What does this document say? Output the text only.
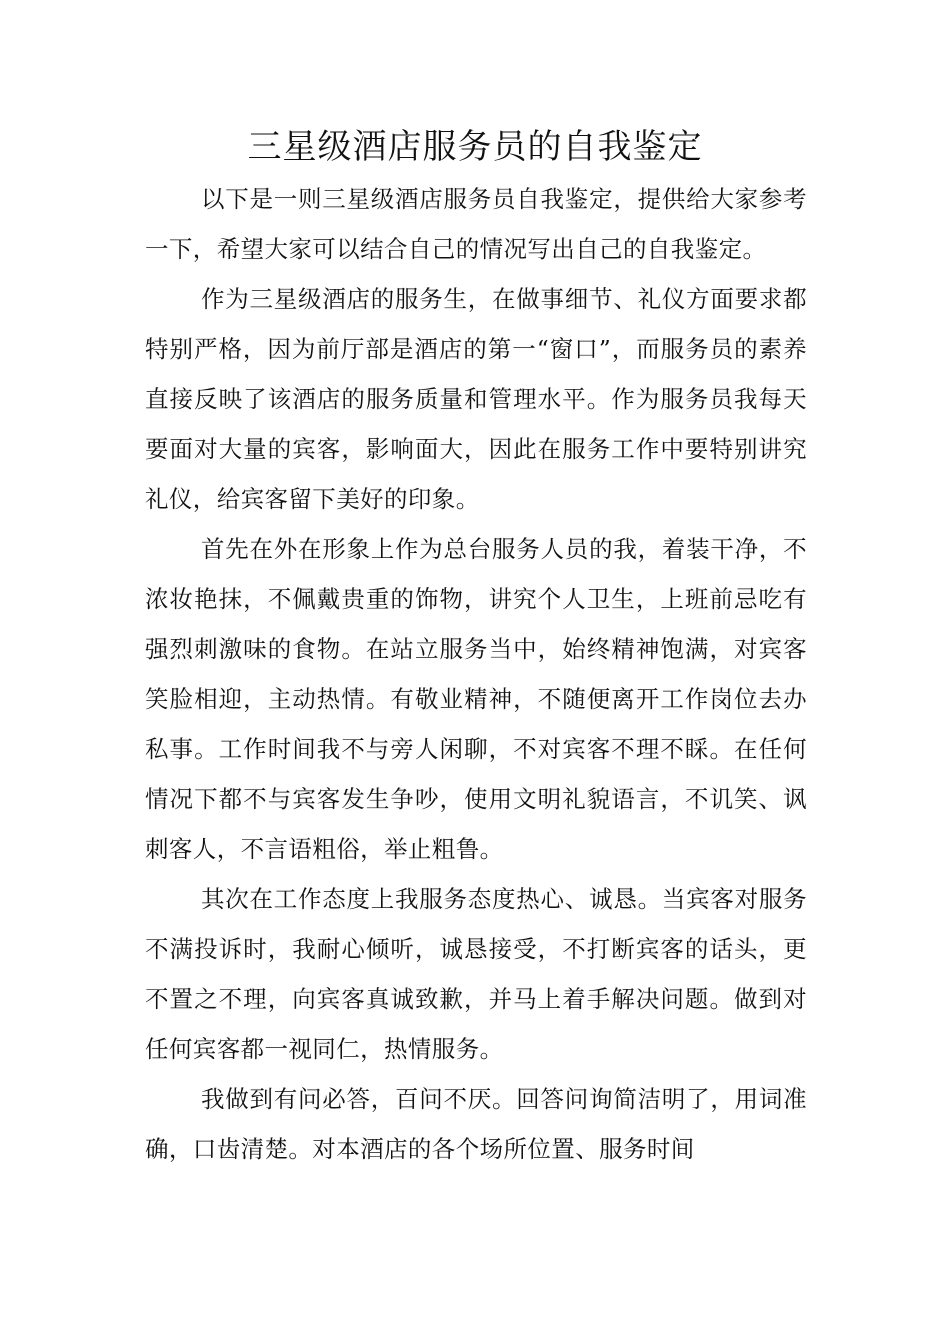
三星级酒店服务员的自我鉴定

以下是一则三星级酒店服务员自我鉴定，提供给大家参考一下，希望大家可以结合自己的情况写出自己的自我鉴定。

作为三星级酒店的服务生，在做事细节、礼仪方面要求都特别严格，因为前厅部是酒店的第一“窗口”，而服务员的素养直接反映了该酒店的服务质量和管理水平。作为服务员我每天要面对大量的宾客，影响面大，因此在服务工作中要特别讲究礼仪，给宾客留下美好的印象。

首先在外在形象上作为总台服务人员的我，着装干净，不浓妆艳抹，不佩戴贵重的饰物，讲究个人卫生，上班前忌吃有强烈刺激味的食物。在站立服务当中，始终精神饱满，对宾客笑脸相迎，主动热情。有敬业精神，不随便离开工作岗位去办私事。工作时间我不与旁人闲聊，不对宾客不理不睬。在任何情况下都不与宾客发生争吵，使用文明礼貌语言，不讥笑、讽刺客人，不言语粗俗，举止粗鲁。

其次在工作态度上我服务态度热心、诚恳。当宾客对服务不满投诉时，我耐心倾听，诚恳接受，不打断宾客的话头，更不置之不理，向宾客真诚致歉，并马上着手解决问题。做到对任何宾客都一视同仁，热情服务。

我做到有问必答，百问不厌。回答问询简洁明了，用词准确，口齿清楚。对本酒店的各个场所位置、服务时间
